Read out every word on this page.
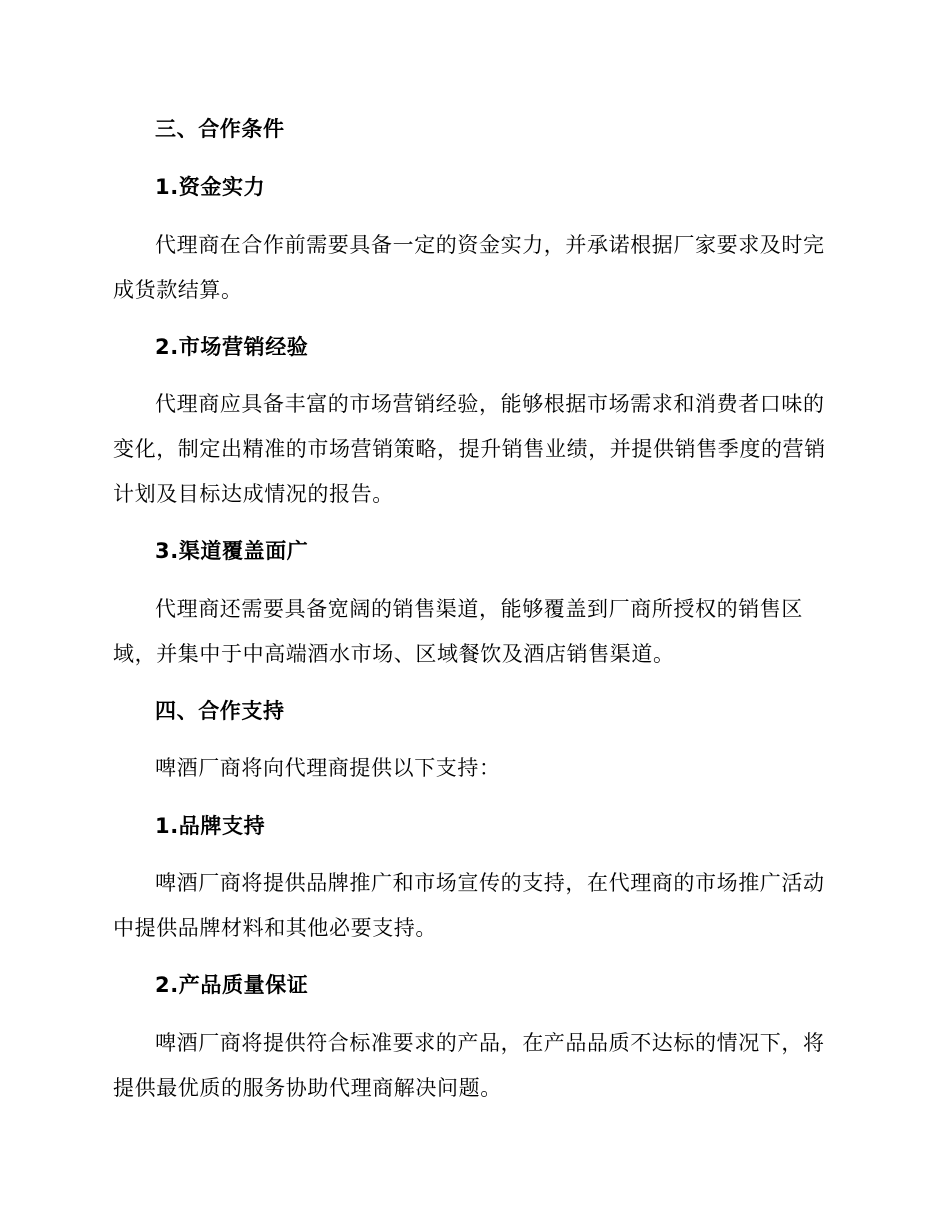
三、合作条件
1.资金实力
代理商在合作前需要具备一定的资金实力，并承诺根据厂家要求及时完
成货款结算。
2.市场营销经验
代理商应具备丰富的市场营销经验，能够根据市场需求和消费者口味的
变化，制定出精准的市场营销策略，提升销售业绩，并提供销售季度的营销
计划及目标达成情况的报告。
3.渠道覆盖面广
代理商还需要具备宽阔的销售渠道，能够覆盖到厂商所授权的销售区
域，并集中于中高端酒水市场、区域餐饮及酒店销售渠道。
四、合作支持
啤酒厂商将向代理商提供以下支持：
1.品牌支持
啤酒厂商将提供品牌推广和市场宣传的支持，在代理商的市场推广活动
中提供品牌材料和其他必要支持。
2.产品质量保证
啤酒厂商将提供符合标准要求的产品，在产品品质不达标的情况下，将
提供最优质的服务协助代理商解决问题。
